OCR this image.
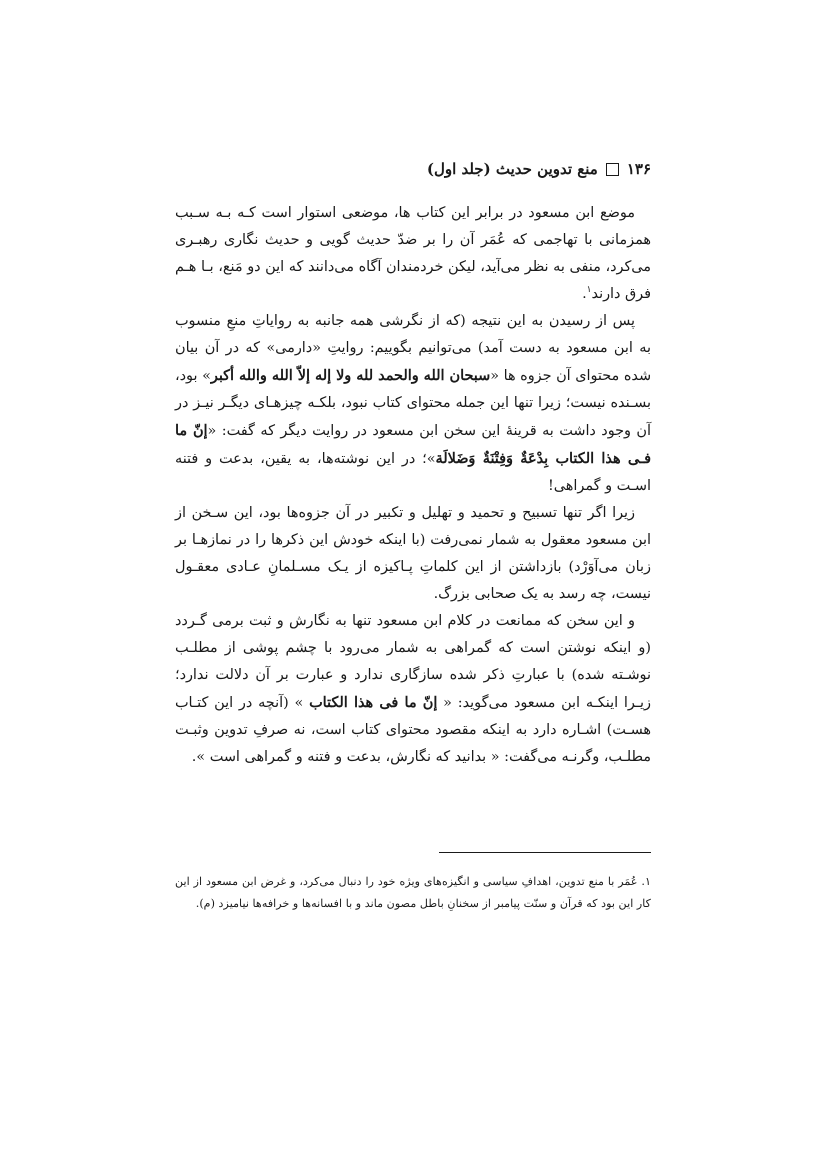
۱۳۶
منع تدوین حدیث (جلد اول)

موضع ابن مسعود در برابر این کتاب ها، موضعی استوار است کـه بـه سـبب همزمانی با تهاجمی که عُمَر آن را بر ضدّ حدیث گویی و حدیث نگاری رهبـری می‌کرد، منفی به نظر می‌آید، لیکن خردمندان آگاه می‌دانند که این دو مَنع، بـا هـم فرق دارند$^۱$.

پس از رسیدن به این نتیجه (که از نگرشی همه جانبه به روایاتِ منعِ منسوب به ابن مسعود به دست آمد) می‌توانیم بگوییم: روایتِ «دارمی» که در آن بیان شده محتوای آن جزوه ها «سبحان الله والحمد لله ولا إله إلاّ الله والله أكبر» بود، بسـنده نیست؛ زیرا تنها این جمله محتوای کتاب نبود، بلکـه چیزهـای دیگـر نیـز در آن وجود داشت به قرینهٔ این سخن ابن مسعود در روایت دیگر که گفت: «إنّ ما فـی هذا الكتاب بِدْعَةٌ وَفِتْنَةٌ وَضَلالَة»؛ در این نوشته‌ها، به یقین، بدعت و فتنه اسـت و گمراهی!

زیرا اگر تنها تسبیح و تحمید و تهلیل و تکبیر در آن جزوه‌ها بود، این سـخن از ابن مسعود معقول به شمار نمی‌رفت (با اینکه خودش این ذکرها را در نمازهـا بر زبان می‌آوَرْد) بازداشتن از این کلماتِ پـاکیزه از یـک مسـلمانِ عـادی معقـول نیست، چه رسد به یک صحابی بزرگ.

و این سخن که ممانعت در کلام ابن مسعود تنها به نگارش و ثبت برمی گـردد (و اینکه نوشتن است که گمراهی به شمار می‌رود با چشم پوشی از مطلـب نوشـته شده) با عبارتِ ذکر شده سازگاری ندارد و عبارت بر آن دلالت ندارد؛ زیـرا اینکـه ابن مسعود می‌گوید: « إنّ ما فی هذا الكتاب » (آنچه در این کتـاب هسـت) اشـاره دارد به اینکه مقصود محتوای کتاب است، نه صرفِ تدوین وثبـت مطلـب، وگرنـه می‌گفت: « بدانید که نگارش، بدعت و فتنه و گمراهی است ».

۱. عُمَر با منع تدوین، اهدافِ سیاسی و انگیزه‌های ویژه خود را دنبال می‌کرد، و غرض ابن مسعود از این کار این بود که قرآن و سنّت پیامبر از سخنانِ باطل مصون ماند و با افسانه‌ها و خرافه‌ها نیامیزد (م).
